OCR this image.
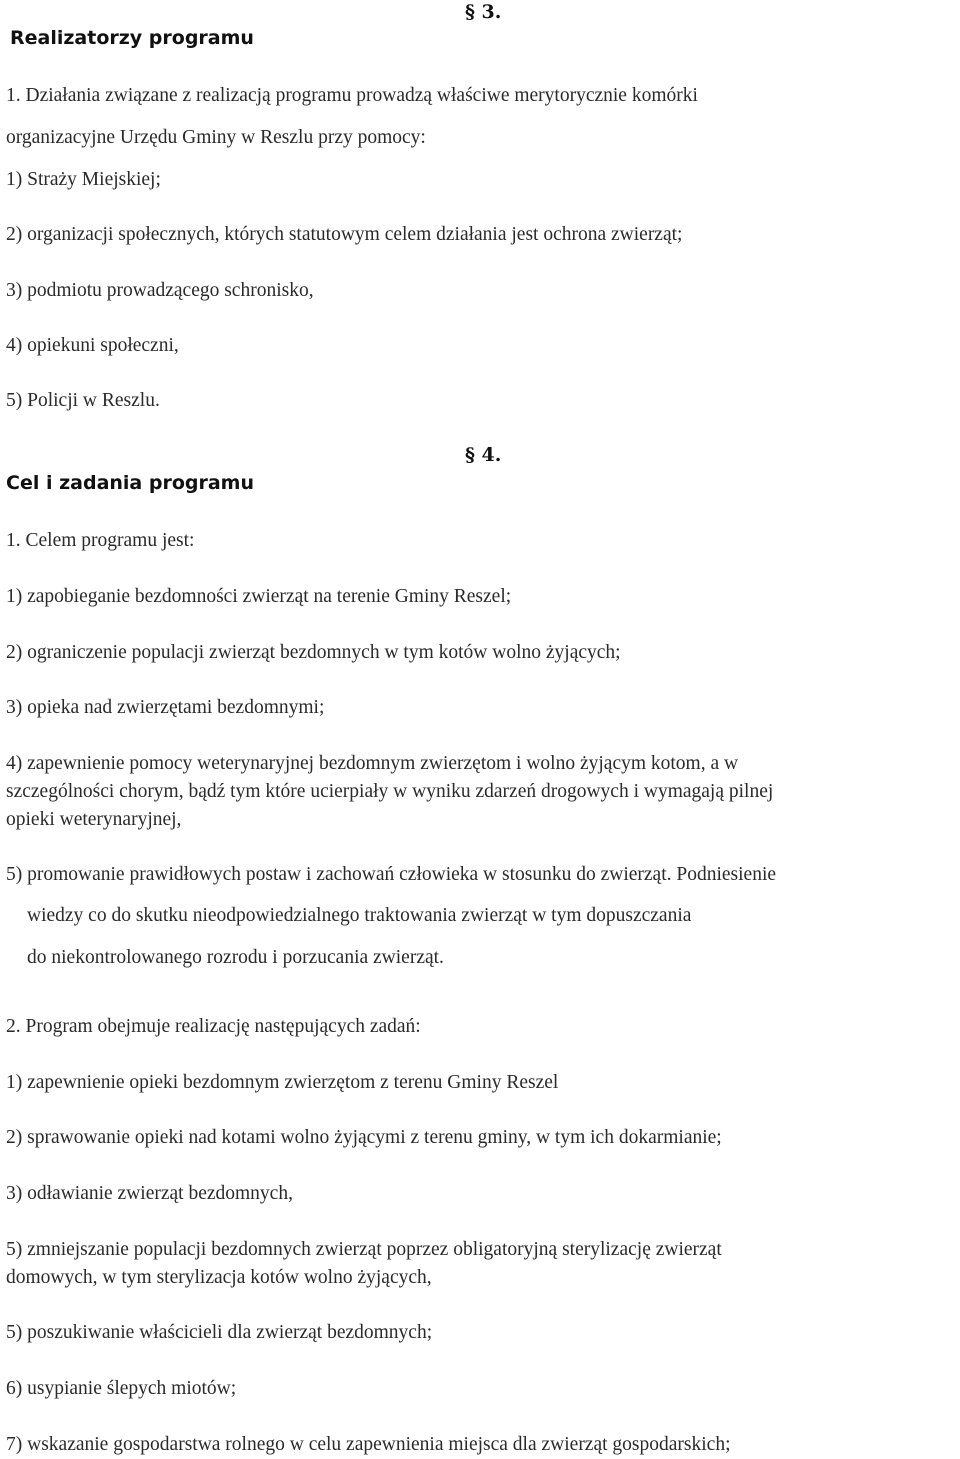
§ 3.

Realizatorzy programu

1. Działania związane z realizacją programu prowadzą właściwe merytorycznie komórki

organizacyjne Urzędu Gminy w Reszlu przy pomocy:

1) Straży Miejskiej;

2) organizacji społecznych, których statutowym celem działania jest ochrona zwierząt;

3) podmiotu prowadzącego schronisko,

4) opiekuni społeczni,

5) Policji w Reszlu.

§ 4.

Cel i zadania programu

1. Celem programu jest:

1) zapobieganie bezdomności zwierząt na terenie Gminy Reszel;

2) ograniczenie populacji zwierząt bezdomnych w tym kotów wolno żyjących;

3) opieka nad zwierzętami bezdomnymi;

4) zapewnienie pomocy weterynaryjnej bezdomnym zwierzętom i wolno żyjącym kotom, a w

szczególności chorym, bądź tym które ucierpiały w wyniku zdarzeń drogowych i wymagają pilnej

opieki weterynaryjnej,

5) promowanie prawidłowych postaw i zachowań człowieka w stosunku do zwierząt. Podniesienie

wiedzy co do skutku nieodpowiedzialnego traktowania zwierząt w tym dopuszczania

do niekontrolowanego rozrodu i porzucania zwierząt.

2. Program obejmuje realizację następujących zadań:

1) zapewnienie opieki bezdomnym zwierzętom z terenu Gminy Reszel

2) sprawowanie opieki nad kotami wolno żyjącymi z terenu gminy, w tym ich dokarmianie;

3) odławianie zwierząt bezdomnych,

5) zmniejszanie populacji bezdomnych zwierząt poprzez obligatoryjną sterylizację zwierząt

domowych, w tym sterylizacja kotów wolno żyjących,

5) poszukiwanie właścicieli dla zwierząt bezdomnych;

6) usypianie ślepych miotów;

7) wskazanie gospodarstwa rolnego w celu zapewnienia miejsca dla zwierząt gospodarskich;
